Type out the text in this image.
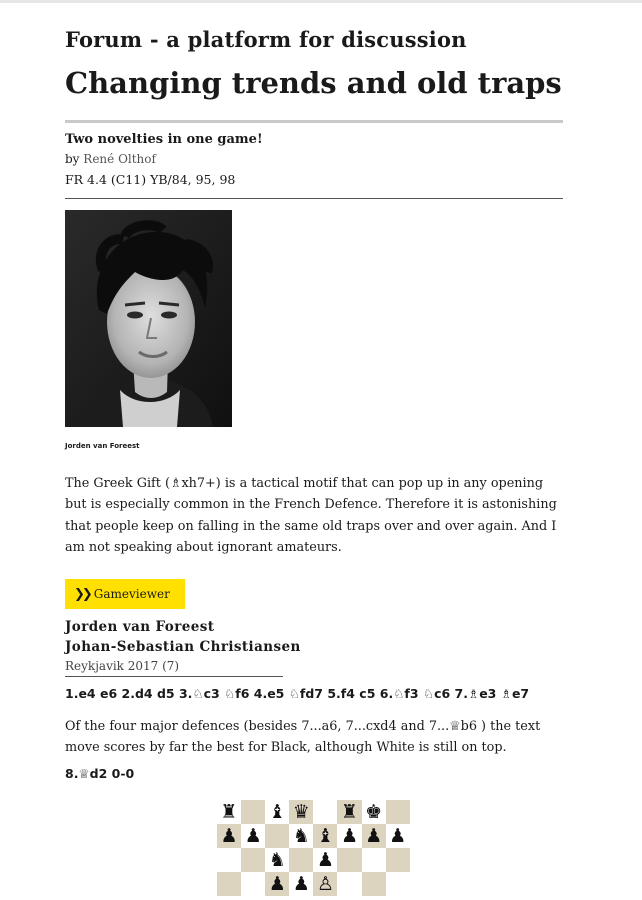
Forum - a platform for discussion
Changing trends and old traps
Two novelties in one game!
by René Olthof
FR 4.4 (C11) YB/84, 95, 98
Jorden van Foreest

The Greek Gift (♗xh7+) is a tactical motif that can pop up in any opening but is especially common in the French Defence. Therefore it is astonishing that people keep on falling in the same old traps over and over again. And I am not speaking about ignorant amateurs.

❯❯ Gameviewer
Jorden van Foreest
Johan-Sebastian Christiansen
Reykjavik 2017 (7)
1.e4 e6 2.d4 d5 3.♘c3 ♘f6 4.e5 ♘fd7 5.f4 c5 6.♘f3 ♘c6 7.♗e3 ♗e7

Of the four major defences (besides 7...a6, 7...cxd4 and 7...♕b6 ) the text move scores by far the best for Black, although White is still on top.

8.♕d2 0-0
♜ ♝ ♛ ♜ ♚
♟ ♟ ♞ ♝ ♟ ♟ ♟
♞ ♟
♟ ♟ ♙
